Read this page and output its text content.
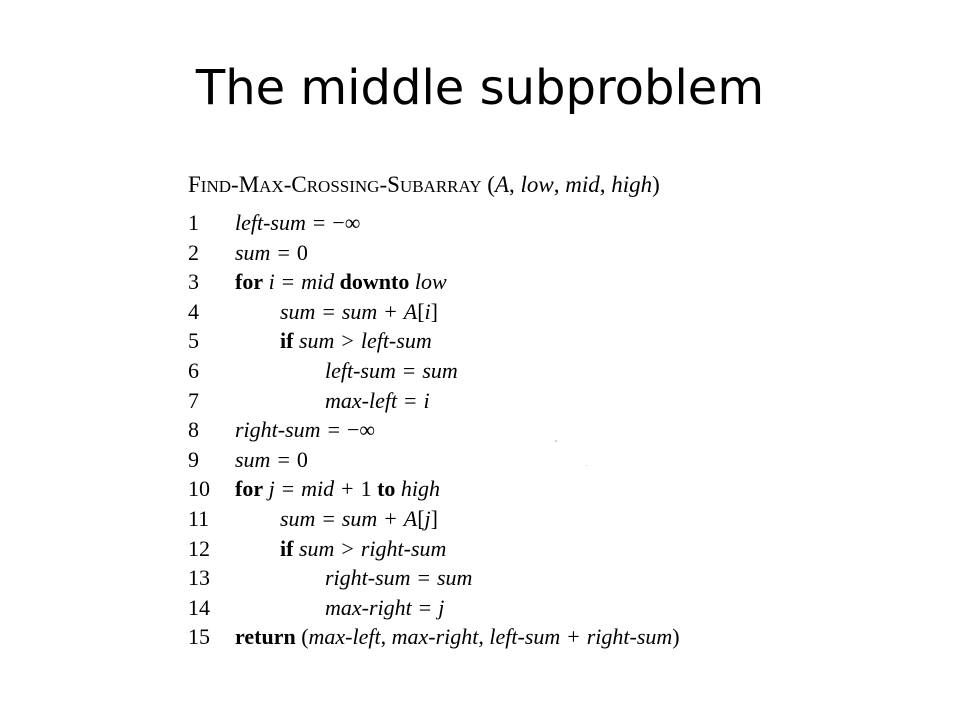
The middle subproblem
FIND-MAX-CROSSING-SUBARRAY (A, low, mid, high)
1	left-sum = −∞
2	sum = 0
3	for i = mid downto low
4	sum = sum + A[i]
5	if sum > left-sum
6	left-sum = sum
7	max-left = i
8	right-sum = −∞
9	sum = 0
10	for j = mid + 1 to high
11	sum = sum + A[j]
12	if sum > right-sum
13	right-sum = sum
14	max-right = j
15	return (max-left, max-right, left-sum + right-sum)
